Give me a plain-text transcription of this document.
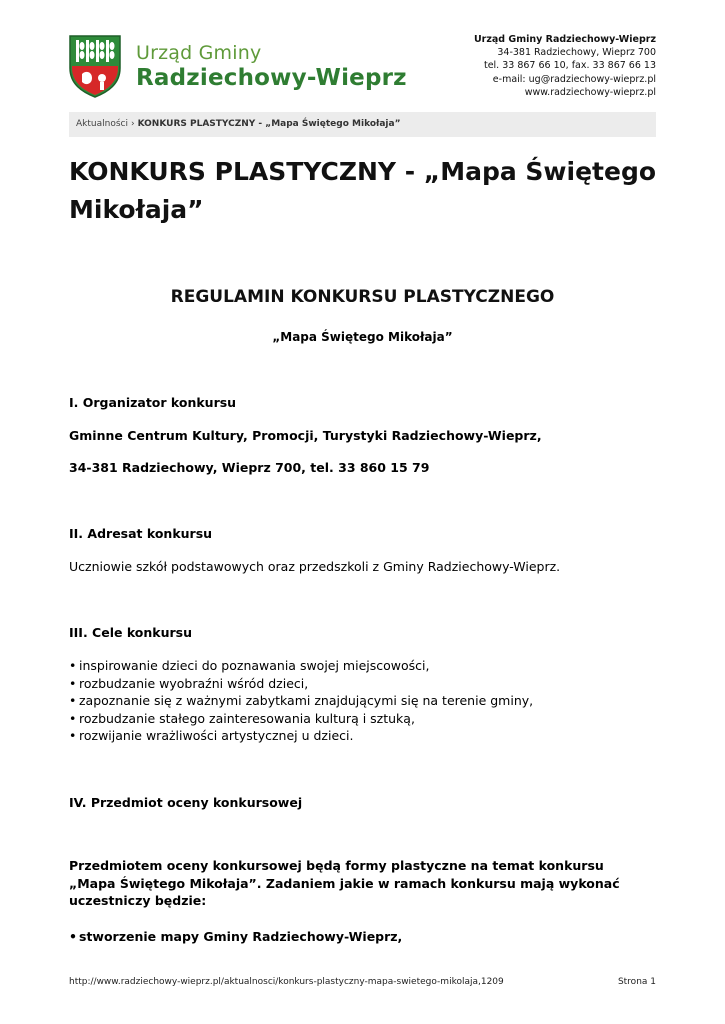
Urząd Gminy
Radziechowy-Wieprz
Urząd Gminy Radziechowy-Wieprz
34-381 Radziechowy, Wieprz 700
tel. 33 867 66 10, fax. 33 867 66 13
e-mail: ug@radziechowy-wieprz.pl
www.radziechowy-wieprz.pl
Aktualności › KONKURS PLASTYCZNY - „Mapa Świętego Mikołaja”
KONKURS PLASTYCZNY - „Mapa Świętego Mikołaja”
REGULAMIN KONKURSU PLASTYCZNEGO
„Mapa Świętego Mikołaja”
I. Organizator konkursu
Gminne Centrum Kultury, Promocji, Turystyki Radziechowy-Wieprz,
34-381 Radziechowy, Wieprz 700, tel. 33 860 15 79
II. Adresat konkursu
Uczniowie szkół podstawowych oraz przedszkoli z Gminy Radziechowy-Wieprz.
III. Cele konkursu
• inspirowanie dzieci do poznawania swojej miejscowości,
• rozbudzanie wyobraźni wśród dzieci,
• zapoznanie się z ważnymi zabytkami znajdującymi się na terenie gminy,
• rozbudzanie stałego zainteresowania kulturą i sztuką,
• rozwijanie wrażliwości artystycznej u dzieci.
IV. Przedmiot oceny konkursowej
Przedmiotem oceny konkursowej będą formy plastyczne na temat konkursu „Mapa Świętego Mikołaja”. Zadaniem jakie w ramach konkursu mają wykonać uczestniczy będzie:
• stworzenie mapy Gminy Radziechowy-Wieprz,
http://www.radziechowy-wieprz.pl/aktualnosci/konkurs-plastyczny-mapa-swietego-mikolaja,1209	Strona 1
